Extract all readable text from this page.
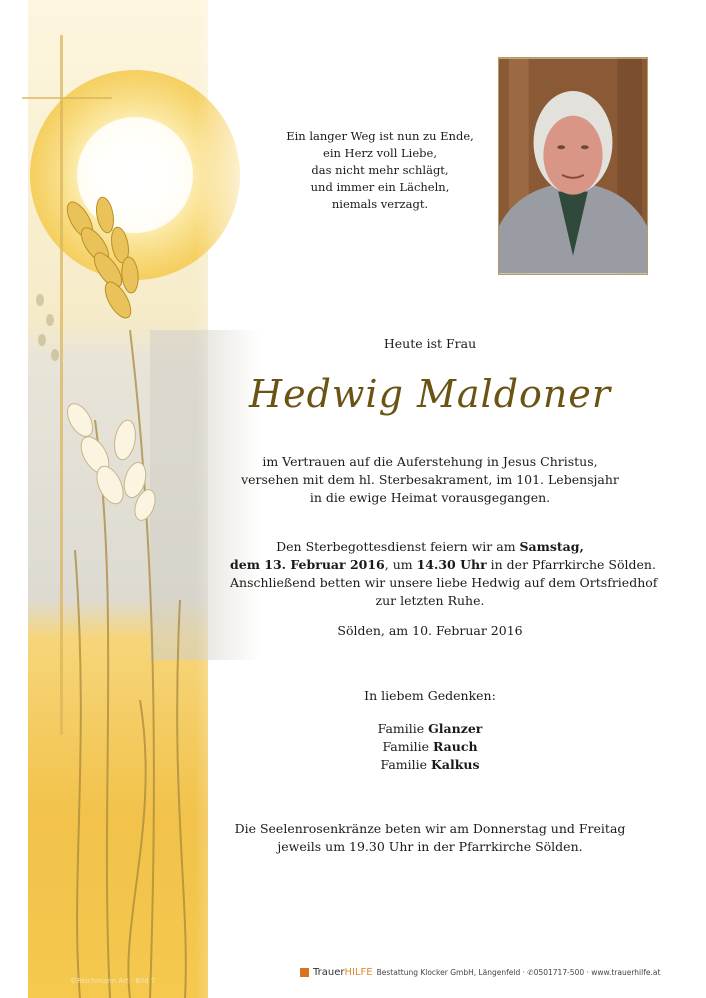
©Reichmann Art · Bild 7
Ein langer Weg ist nun zu Ende,
ein Herz voll Liebe,
das nicht mehr schlägt,
und immer ein Lächeln,
niemals verzagt.
Heute ist Frau
Hedwig Maldoner
im Vertrauen auf die Auferstehung in Jesus Christus,
versehen mit dem hl. Sterbesakrament, im 101. Lebensjahr
in die ewige Heimat vorausgegangen.
Den Sterbegottesdienst feiern wir am Samstag,
dem 13. Februar 2016, um 14.30 Uhr in der Pfarrkirche Sölden.
Anschließend betten wir unsere liebe Hedwig auf dem Ortsfriedhof
zur letzten Ruhe.
Sölden, am 10. Februar 2016
In liebem Gedenken:
Familie Glanzer
Familie Rauch
Familie Kalkus
Die Seelenrosenkränze beten wir am Donnerstag und Freitag
jeweils um 19.30 Uhr in der Pfarrkirche Sölden.
TrauerHILFE Bestattung Klocker GmbH, Längenfeld · ✆0501717-500 · www.trauerhilfe.at
